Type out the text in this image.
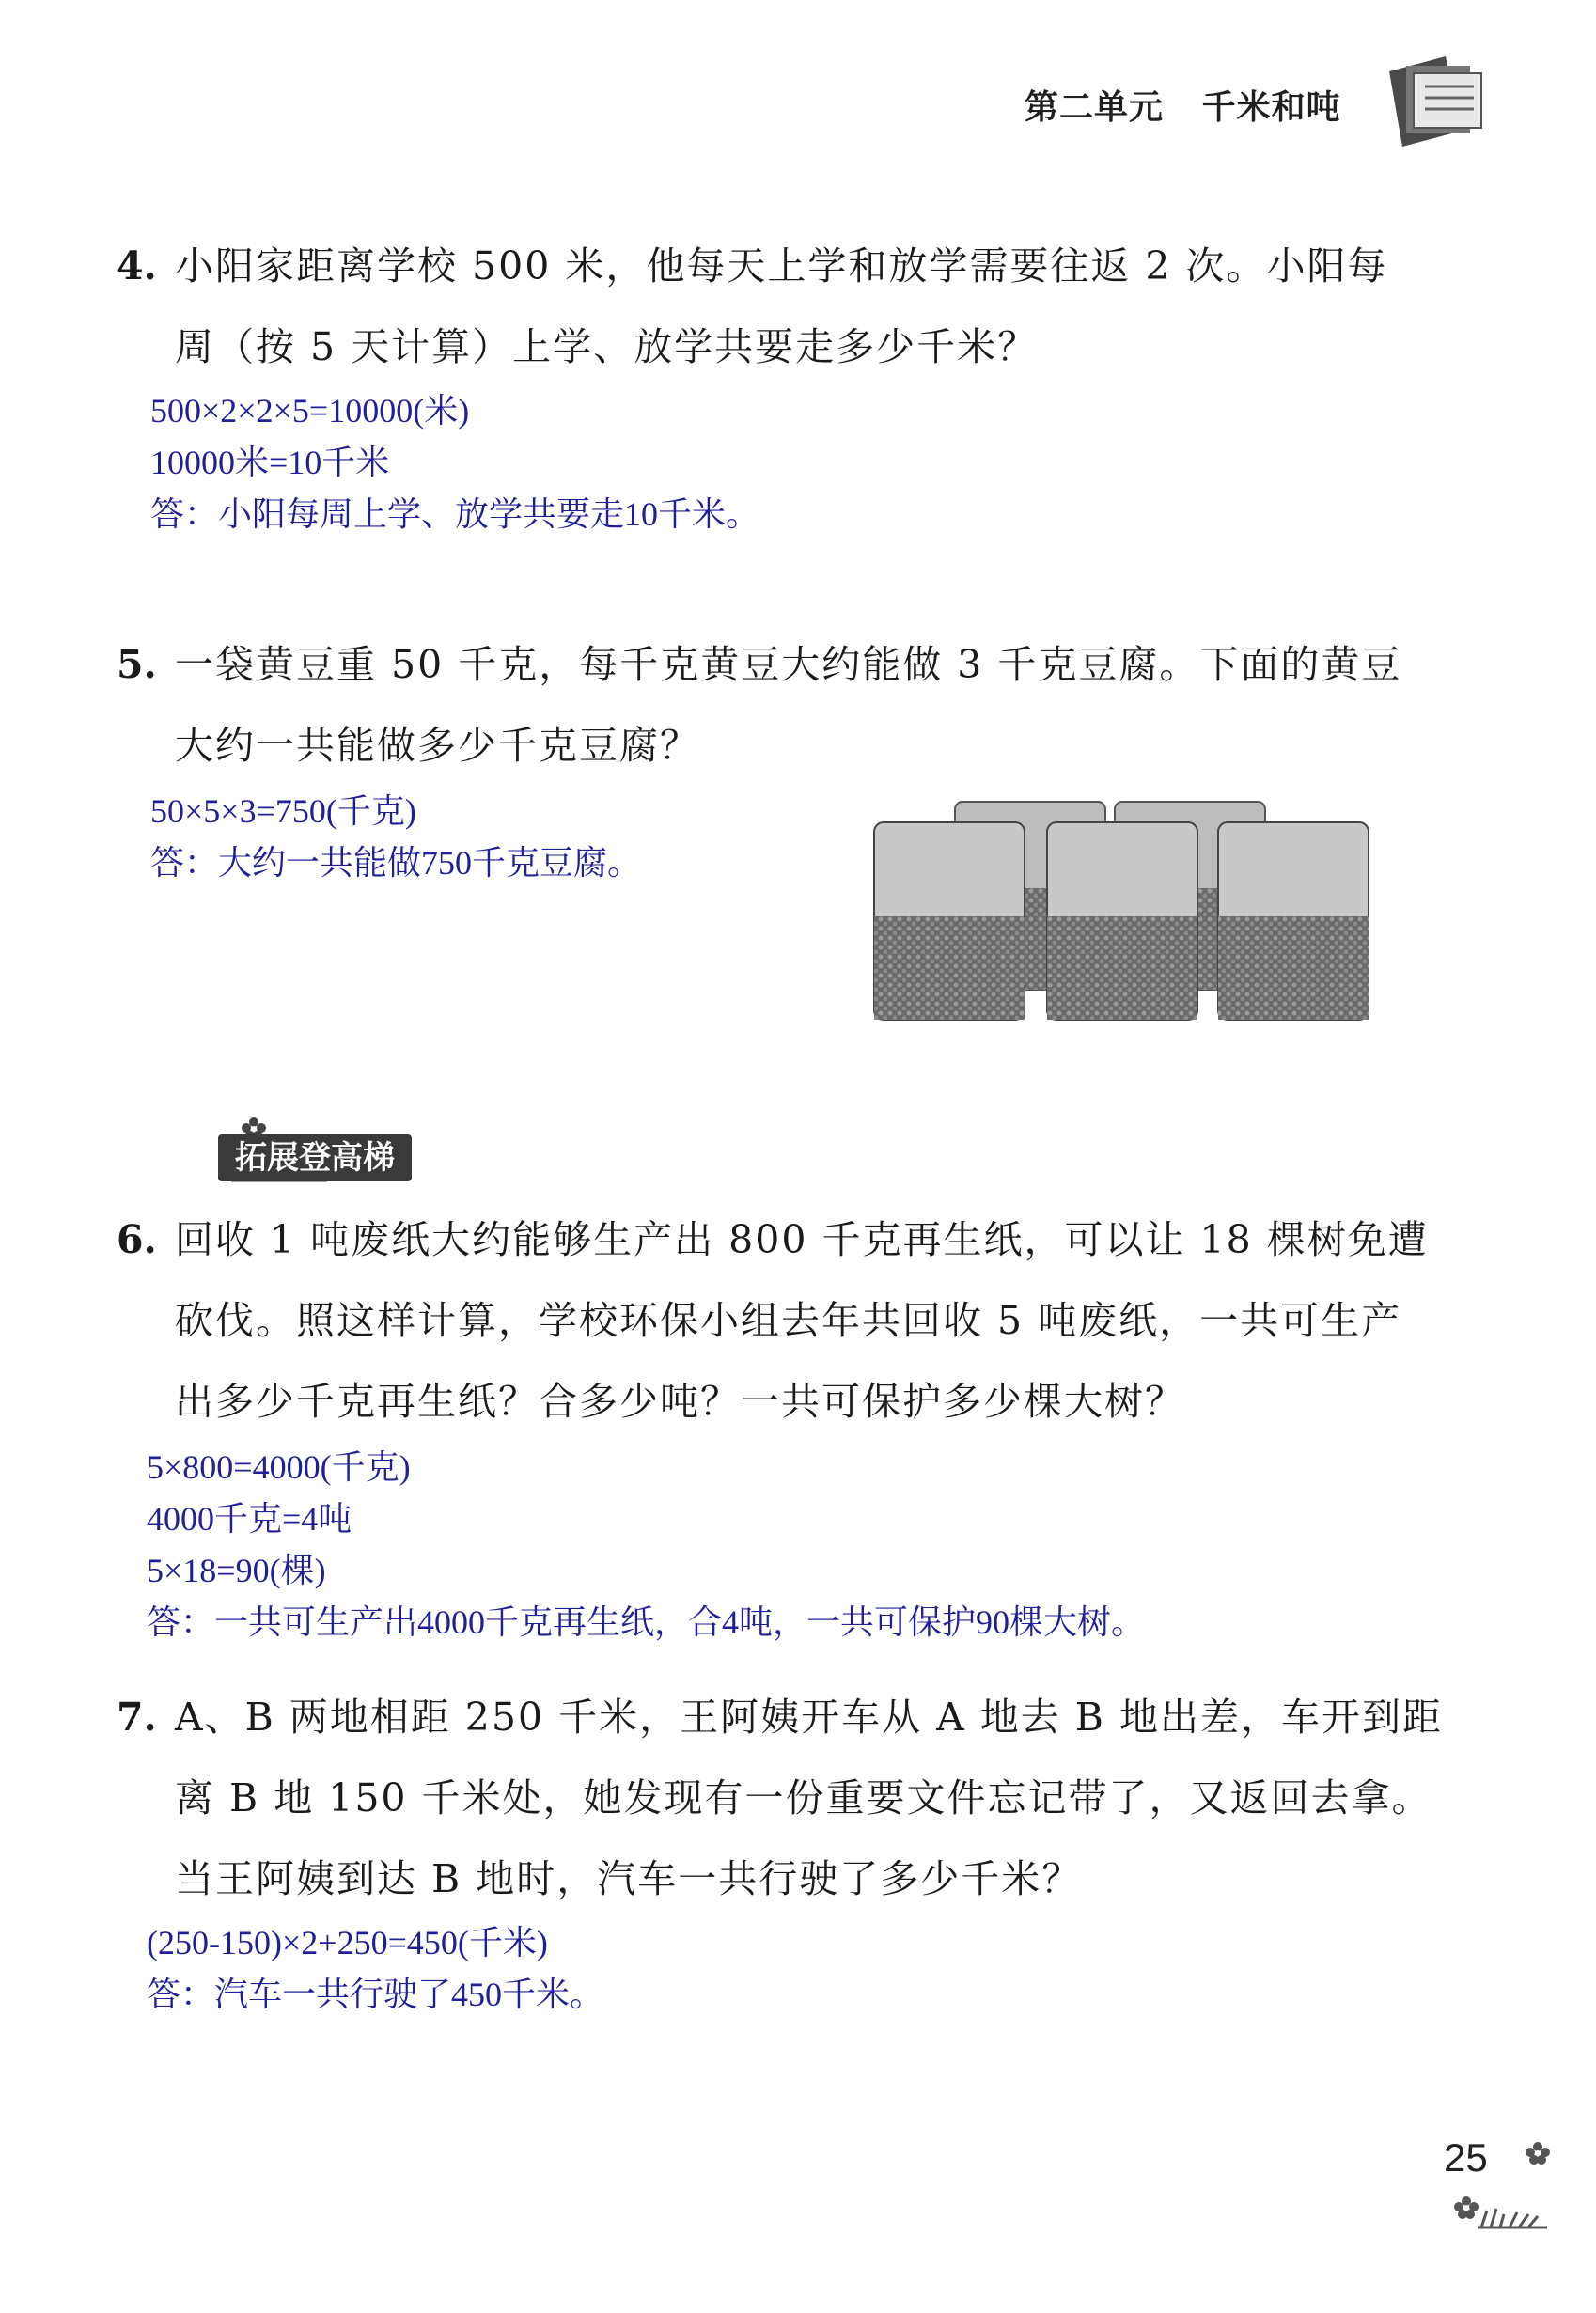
第二单元 千米和吨
4. 小阳家距离学校 500 米，他每天上学和放学需要往返 2 次。小阳每
周（按 5 天计算）上学、放学共要走多少千米？
500×2×2×5=10000(米)
10000米=10千米
答：小阳每周上学、放学共要走10千米。
5. 一袋黄豆重 50 千克，每千克黄豆大约能做 3 千克豆腐。下面的黄豆
大约一共能做多少千克豆腐？
50×5×3=750(千克)
答：大约一共能做750千克豆腐。
拓展登高梯
6. 回收 1 吨废纸大约能够生产出 800 千克再生纸，可以让 18 棵树免遭
砍伐。照这样计算，学校环保小组去年共回收 5 吨废纸，一共可生产
出多少千克再生纸？合多少吨？一共可保护多少棵大树？
5×800=4000(千克)
4000千克=4吨
5×18=90(棵)
答：一共可生产出4000千克再生纸，合4吨，一共可保护90棵大树。
7. A、B 两地相距 250 千米，王阿姨开车从 A 地去 B 地出差，车开到距
离 B 地 150 千米处，她发现有一份重要文件忘记带了，又返回去拿。
当王阿姨到达 B 地时，汽车一共行驶了多少千米？
(250-150)×2+250=450(千米)
答：汽车一共行驶了450千米。
25
